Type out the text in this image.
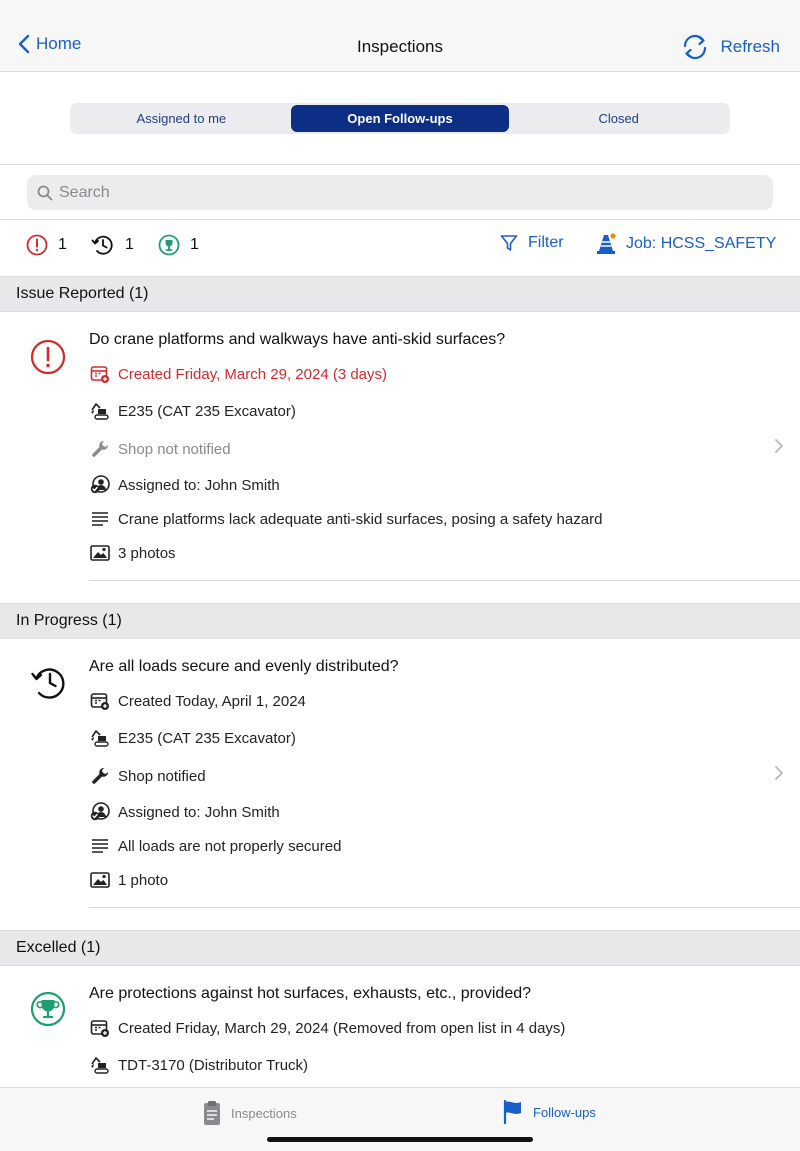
Home	Inspections	Refresh
Assigned to me	Open Follow-ups	Closed
Search
1	1	1	Filter	Job: HCSS_SAFETY
Issue Reported (1)
Do crane platforms and walkways have anti-skid surfaces?
Created Friday, March 29, 2024 (3 days)
E235 (CAT 235 Excavator)
Shop not notified
Assigned to: John Smith
Crane platforms lack adequate anti-skid surfaces, posing a safety hazard
3 photos
In Progress (1)
Are all loads secure and evenly distributed?
Created Today, April 1, 2024
E235 (CAT 235 Excavator)
Shop notified
Assigned to: John Smith
All loads are not properly secured
1 photo
Excelled (1)
Are protections against hot surfaces, exhausts, etc., provided?
Created Friday, March 29, 2024 (Removed from open list in 4 days)
TDT-3170 (Distributor Truck)
Inspections	Follow-ups
